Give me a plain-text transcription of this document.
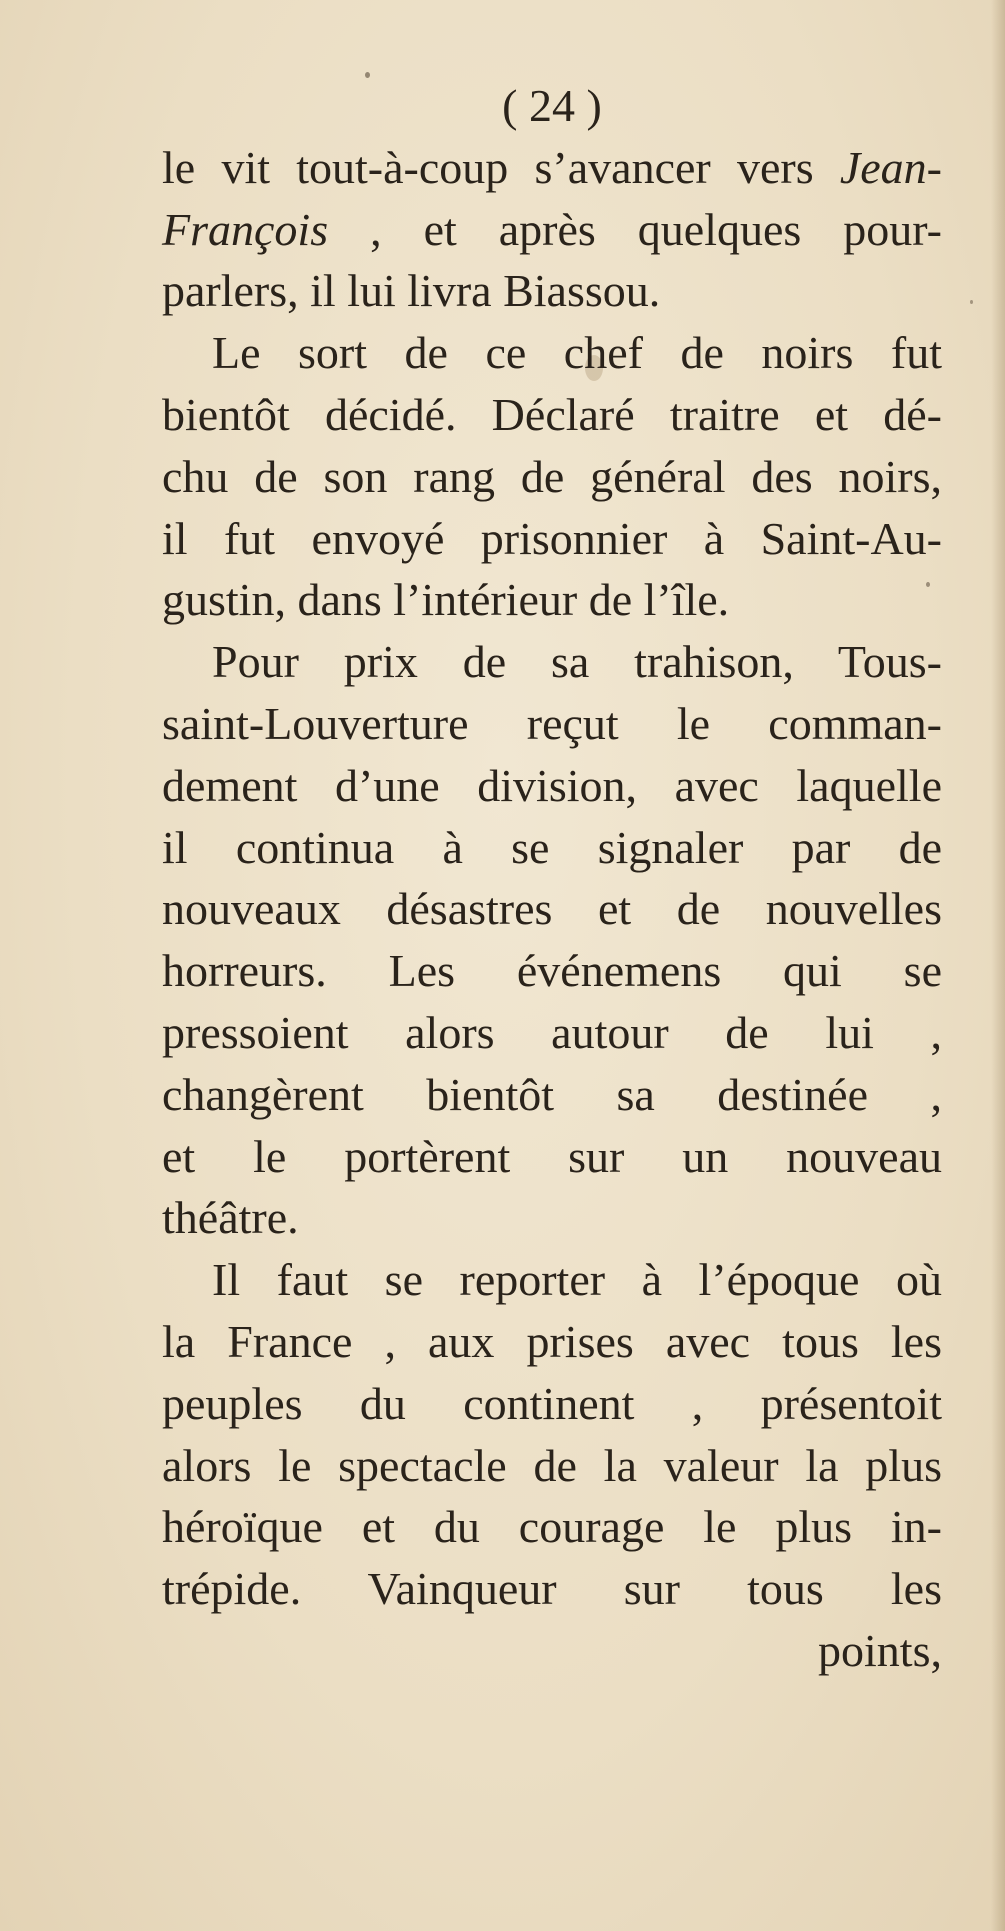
( 24 )
le vit tout-à-coup s’avancer vers Jean-
François , et après quelques pour-
parlers, il lui livra Biassou.
Le sort de ce chef de noirs fut
bientôt décidé. Déclaré traitre et dé-
chu de son rang de général des noirs,
il fut envoyé prisonnier à Saint-Au-
gustin, dans l’intérieur de l’île.
Pour prix de sa trahison, Tous-
saint-Louverture reçut le comman-
dement d’une division, avec laquelle
il continua à se signaler par de
nouveaux désastres et de nouvelles
horreurs. Les événemens qui se
pressoient alors autour de lui ,
changèrent bientôt sa destinée ,
et le portèrent sur un nouveau
théâtre.
Il faut se reporter à l’époque où
la France , aux prises avec tous les
peuples du continent , présentoit
alors le spectacle de la valeur la plus
héroïque et du courage le plus in-
trépide. Vainqueur sur tous les
points,
